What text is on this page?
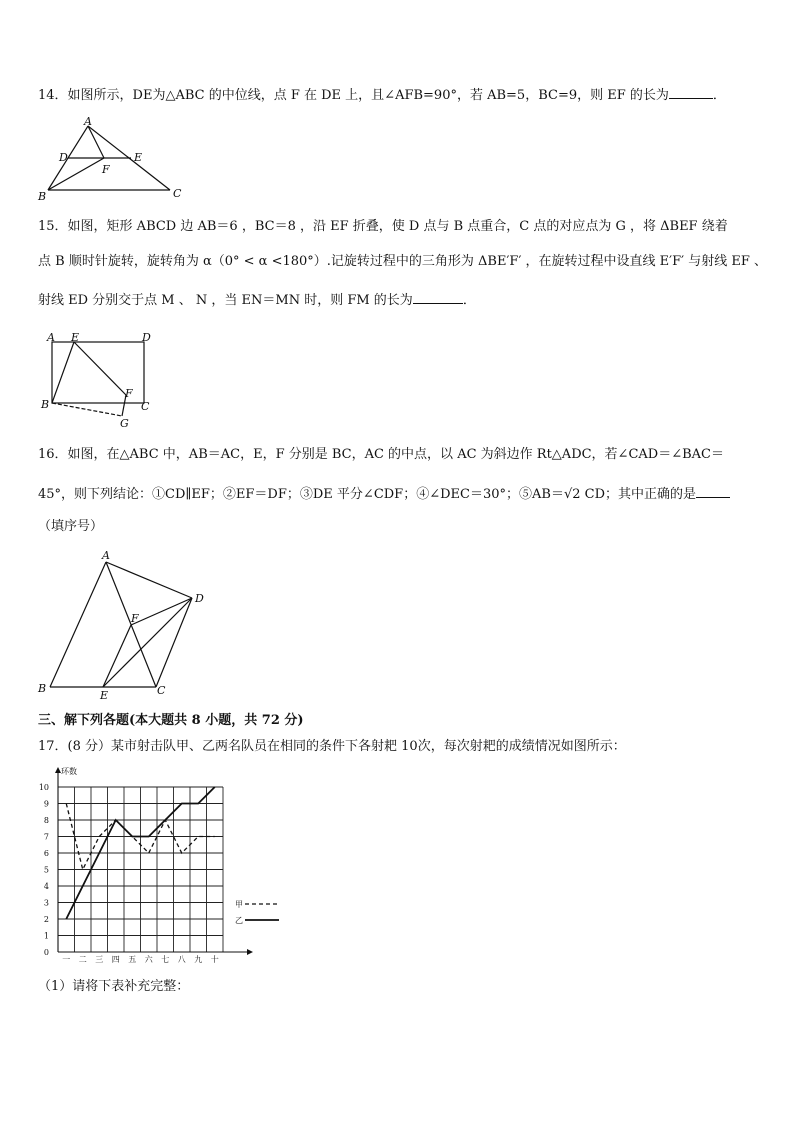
14．如图所示，DE为△ABC 的中位线，点 F 在 DE 上，且∠AFB=90°，若 AB=5，BC=9，则 EF 的长为	．
A
D	E
F
B	C
15．如图，矩形 ABCD 边 AB＝6 ，BC＝8 ，沿 EF 折叠，使 D 点与 B 点重合，C 点的对应点为 G ，将 ΔBEF 绕着
点 B 顺时针旋转，旋转角为 α（0° < α <180°）.记旋转过程中的三角形为 ΔBE′F′ ，在旋转过程中设直线 E′F′ 与射线 EF 、
射线 ED 分别交于点 M 、 N ，当 EN＝MN 时，则 FM 的长为	．
A E	D
F
B	C
G
16．如图，在△ABC 中，AB＝AC，E，F 分别是 BC，AC 的中点，以 AC 为斜边作 Rt△ADC，若∠CAD＝∠BAC＝
45°，则下列结论：①CD∥EF；②EF＝DF；③DE 平分∠CDF；④∠DEC＝30°；⑤AB＝√2 CD；其中正确的是
（填序号）
A
D
F
B
E	C
三、解下列各题(本大题共 8 小题，共 72 分)
17．(8 分）某市射击队甲、乙两名队员在相同的条件下各射耙 10次，每次射耙的成绩情况如图所示：
0
1
2
3
4
5
6
7
8
9
10
一 二 三 四 五 六 七 八 九 十
环数
甲
乙
（1）请将下表补充完整：
